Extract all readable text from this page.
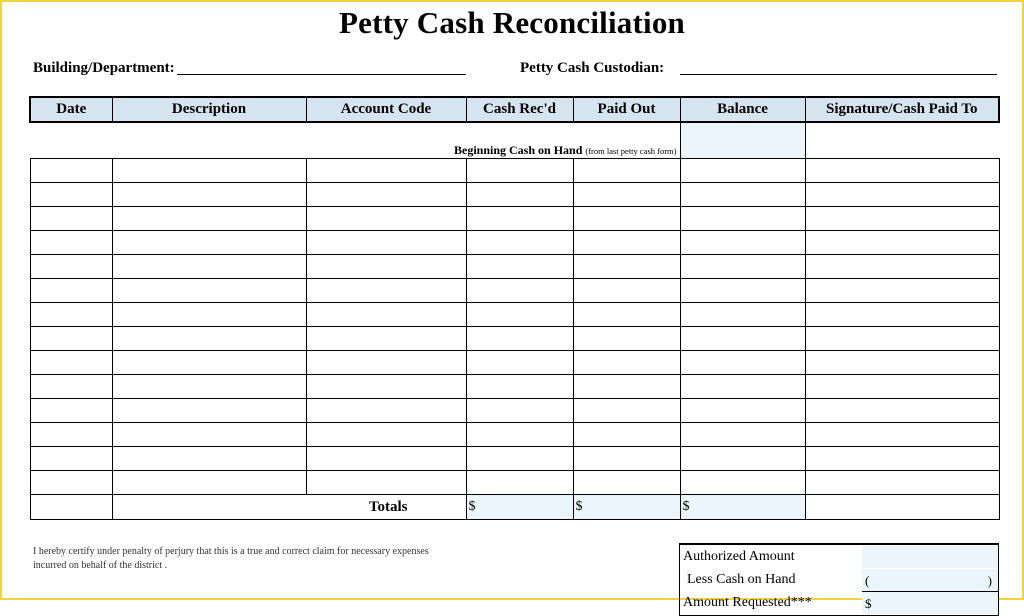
Petty Cash Reconciliation
Building/Department:	Petty Cash Custodian:
Date	Description	Account Code	Cash Rec'd	Paid Out	Balance	Signature/Cash Paid To
Beginning Cash on Hand (from last petty cash form)						

	Totals		$	$	$	
I hereby certify under penalty of perjury that this is a true and correct claim for necessary expenses incurred on behalf of the district .
Authorized Amount
Less Cash on Hand	(	)
Amount Requested***	$
